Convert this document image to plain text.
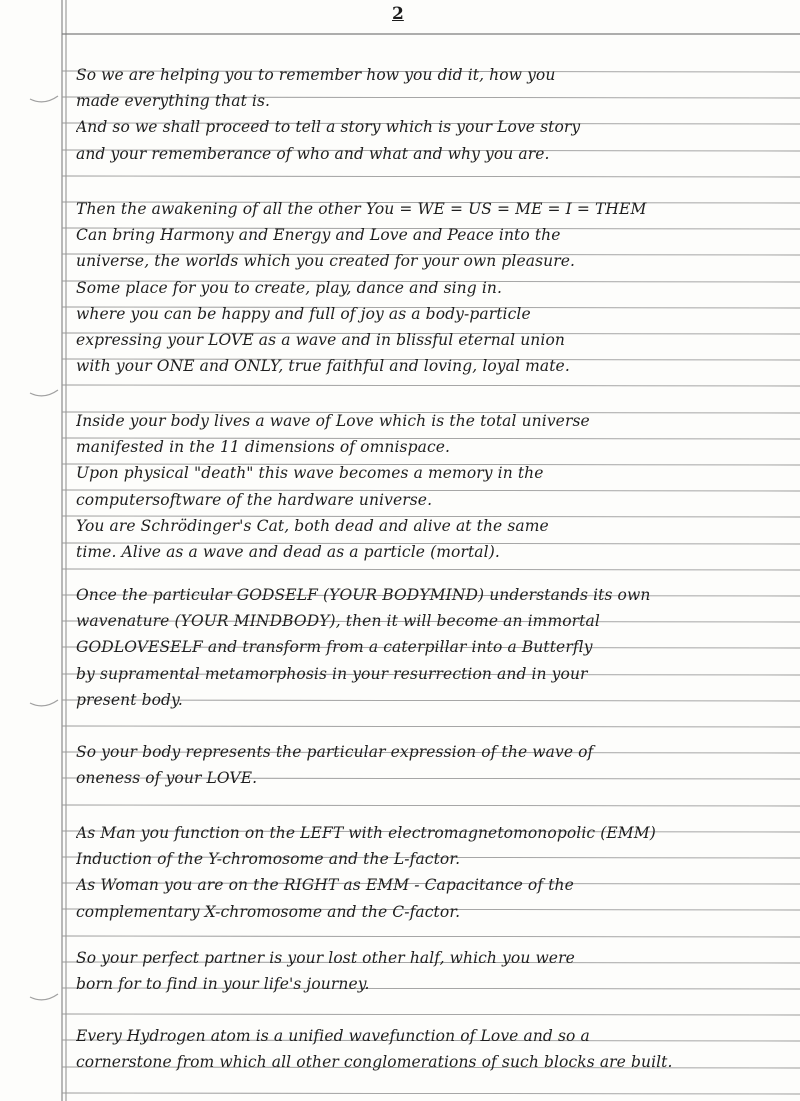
2
So we are helping you to remember how you did it, how you
made everything that is.
And so we shall proceed to tell a story which is your Love story
and your rememberance of who and what and why you are.
Then the awakening of all the other You = WE = US = ME = I = THEM
Can bring Harmony and Energy and Love and Peace into the
universe, the worlds which you created for your own pleasure.
Some place for you to create, play, dance and sing in.
where you can be happy and full of joy as a body-particle
expressing your LOVE as a wave and in blissful eternal union
with your ONE and ONLY, true faithful and loving, loyal mate.
Inside your body lives a wave of Love which is the total universe
manifested in the 11 dimensions of omnispace.
Upon physical "death" this wave becomes a memory in the
computersoftware of the hardware universe.
You are Schrödinger's Cat, both dead and alive at the same
time. Alive as a wave and dead as a particle (mortal).
Once the particular GODSELF (YOUR BODYMIND) understands its own
wavenature (YOUR MINDBODY), then it will become an immortal
GODLOVESELF and transform from a caterpillar into a Butterfly
by supramental metamorphosis in your resurrection and in your
present body.
So your body represents the particular expression of the wave of
oneness of your LOVE.
As Man you function on the LEFT with electromagnetomonopolic (EMM)
Induction of the Y-chromosome and the L-factor.
As Woman you are on the RIGHT as EMM - Capacitance of the
complementary X-chromosome and the C-factor.
So your perfect partner is your lost other half, which you were
born for to find in your life's journey.
Every Hydrogen atom is a unified wavefunction of Love and so a
cornerstone from which all other conglomerations of such blocks are built.
